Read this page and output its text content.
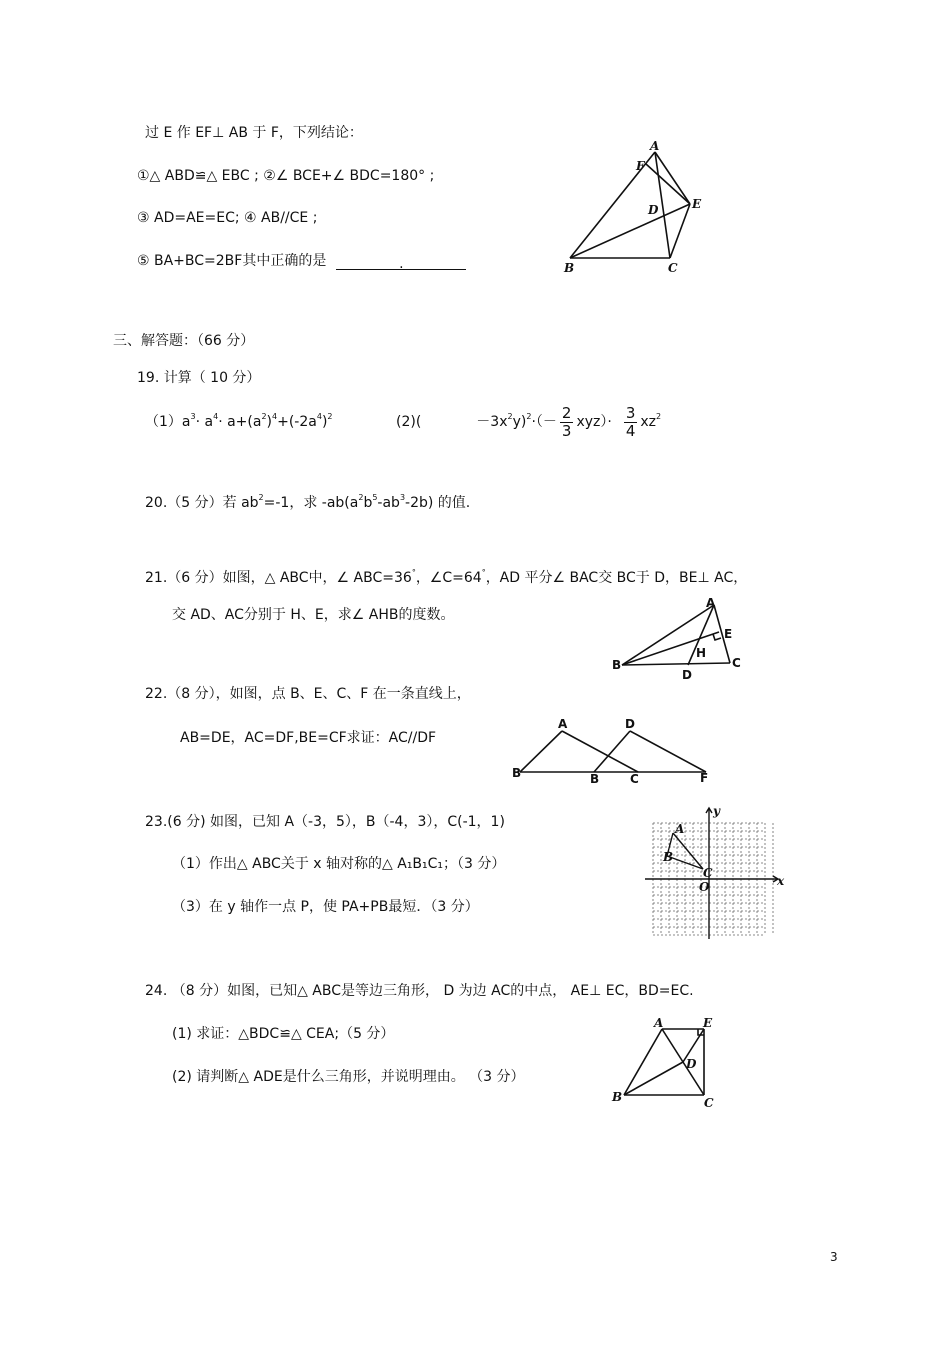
过 E 作 EF⊥ AB 于 F，下列结论：
①△ ABD≌△ EBC ; ②∠ BCE+∠ BDC=180° ;
③ AD=AE=EC; ④ AB//CE ;
⑤ BA+BC=2BF其中正确的是	.
A
F
D	E
B	C
三、解答题：（66 分）
19. 计算（ 10 分）
$(1)a^3\cdot a^4\cdot a+(a^2)^4+(-2a^4)^2$	(2)(	$-3x^2y)^2\cdot(- \frac{2}{3} xyz)\cdot \frac{3}{4} xz^2$
20.（5 分）若 $ab^2=-1$，求 $-ab(a^2b^5-ab^3-2b)$ 的值.
21.（6 分）如图，△ ABC中，∠ ABC=36°，∠C=64°，AD 平分∠ BAC交 BC于 D，BE⊥ AC，
交 AD、AC分别于 H、E，求∠ AHB的度数。
A
E
H
B
D
C
22.（8 分），如图，点 B、E、C、F 在一条直线上，
AB=DE，AC=DF,BE=CF求证：AC//DF
A	D
B	B	C	F
23.(6 分) 如图，已知 A（-3，5），B（-4，3），C(-1，1)
（1）作出△ ABC关于 x 轴对称的△ A₁B₁C₁；（3 分）
（3）在 y 轴作一点 P，使 PA+PB最短．（3 分）
A
B
C
O	x
y
24. （8 分）如图，已知△ ABC是等边三角形， D 为边 AC的中点， AE⊥ EC，BD=EC.
(1) 求证：△BDC≌△ CEA;（5 分）
(2) 请判断△ ADE是什么三角形，并说明理由。 （3 分）
A	E
D
B	C
3
